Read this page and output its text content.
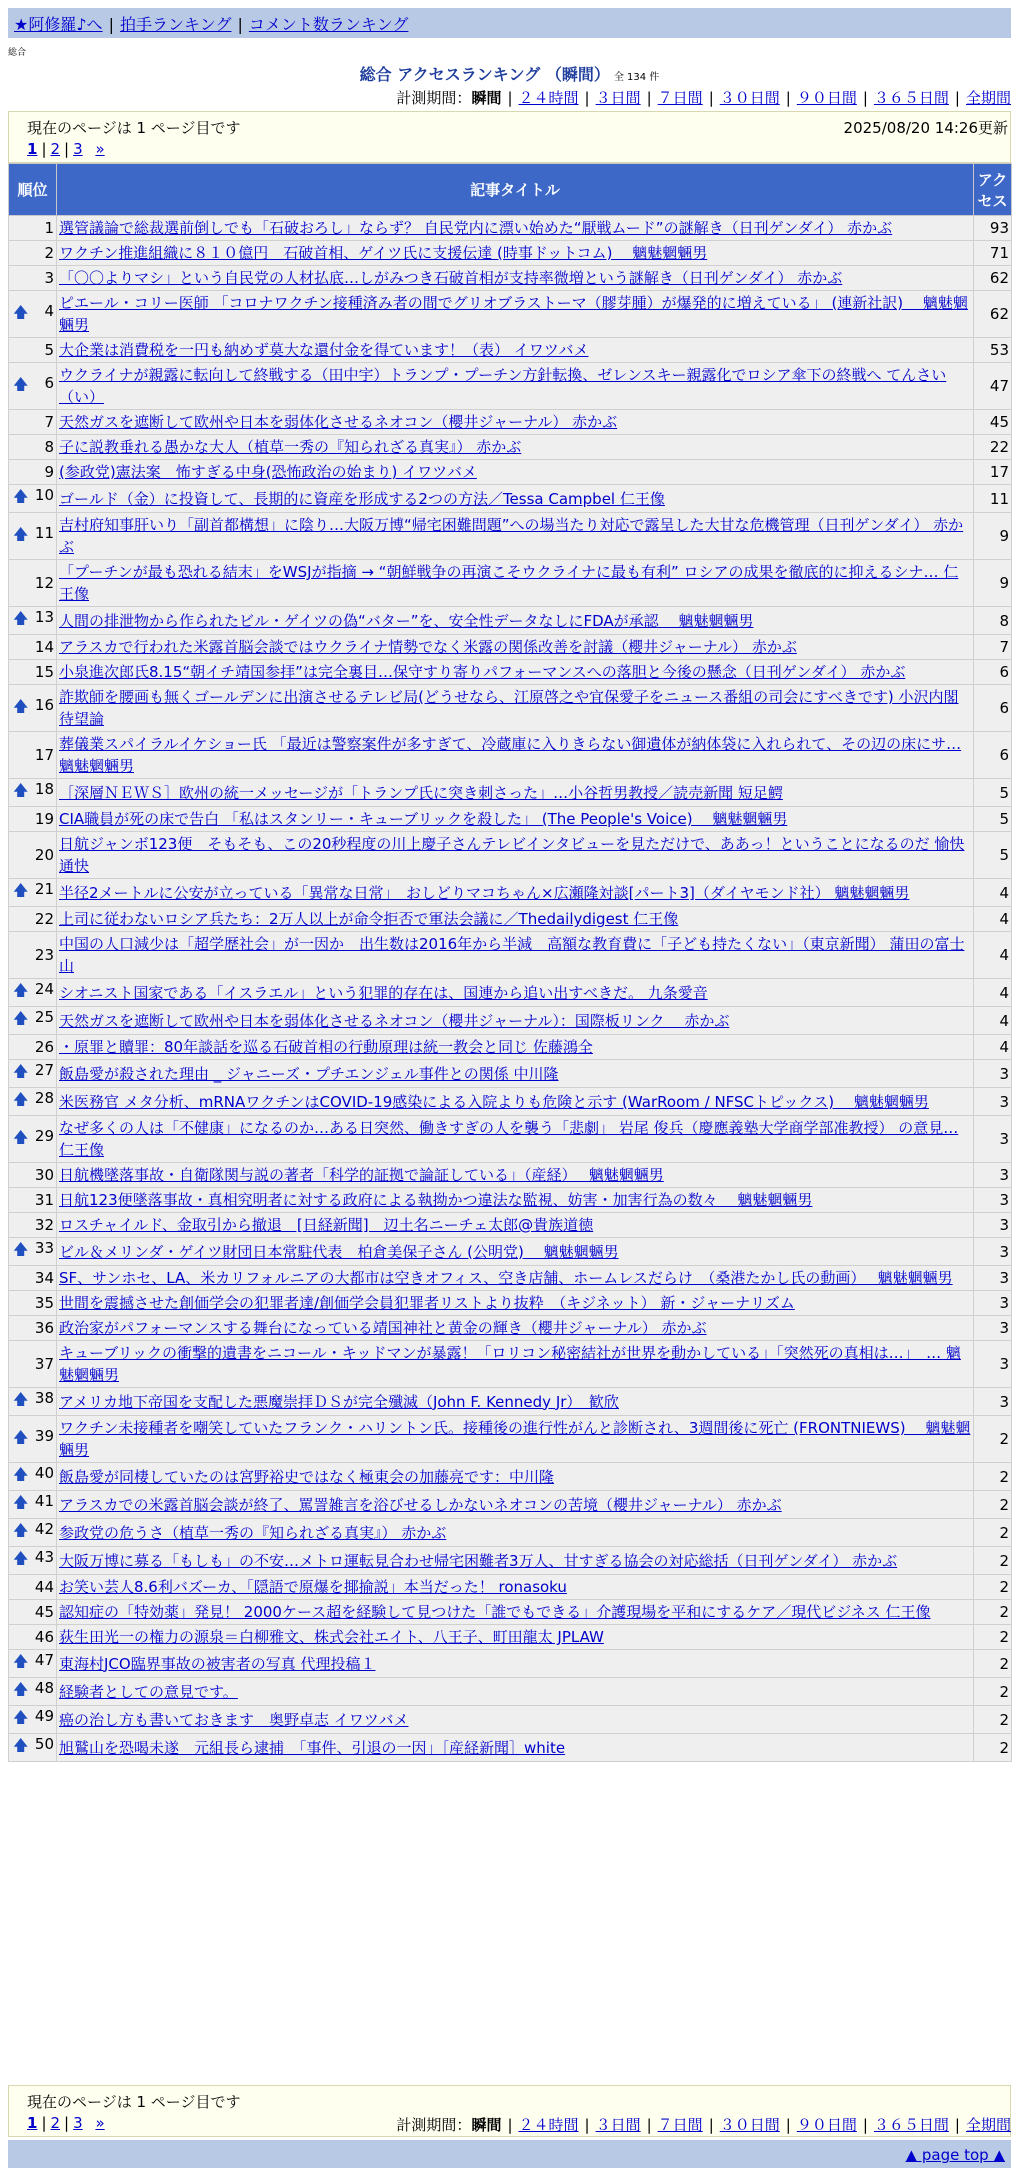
★阿修羅♪へ | 拍手ランキング | コメント数ランキング
総合
総合 アクセスランキング （瞬間） 全 134 件
計測期間：瞬間 | ２４時間 | ３日間 | ７日間 | ３０日間 | ９０日間 | ３６５日間 | 全期間
現在のページは 1 ページ目です	2025/08/20 14:26更新
1 | 2 | 3 »
順位	記事タイトル	アクセス
1	選管議論で総裁選前倒しでも「石破おろし」ならず？ 自民党内に漂い始めた“厭戦ムード”の謎解き（日刊ゲンダイ） 赤かぶ	93
2	ワクチン推進組織に８１０億円　石破首相、ゲイツ氏に支援伝達 (時事ドットコム)　 魑魅魍魎男	71
3	「〇〇よりマシ」という自民党の人材払底…しがみつき石破首相が支持率微増という謎解き（日刊ゲンダイ） 赤かぶ	62

🡅 4	ピエール・コリー医師 「コロナワクチン接種済み者の間でグリオブラストーマ（膠芽腫）が爆発的に増えている」 (連新社訳)　 魑魅魍魎男	62
5	大企業は消費税を一円も納めず莫大な還付金を得ています！（表） イワツバメ	53

🡅 6	ウクライナが親露に転向して終戦する（田中宇）トランプ・プーチン方針転換、ゼレンスキー親露化でロシア傘下の終戦へ てんさい（い）	47
7	天然ガスを遮断して欧州や日本を弱体化させるネオコン（櫻井ジャーナル） 赤かぶ	45
8	子に説教垂れる愚かな大人（植草一秀の『知られざる真実』） 赤かぶ	22
9	(参政党)憲法案　怖すぎる中身(恐怖政治の始まり) イワツバメ	17

🡅 10	ゴールド（金）に投資して、長期的に資産を形成する2つの方法／Tessa Campbel 仁王像	11

🡅 11	吉村府知事肝いり「副首都構想」に陰り…大阪万博“帰宅困難問題”への場当たり対応で露呈した大甘な危機管理（日刊ゲンダイ） 赤かぶ	9
12	「プーチンが最も恐れる結末」をWSJが指摘 → “朝鮮戦争の再演こそウクライナに最も有利” ロシアの成果を徹底的に抑えるシナ… 仁王像	9

🡅 13	人間の排泄物から作られたビル・ゲイツの偽“バター”を、安全性データなしにFDAが承認　 魑魅魍魎男	8
14	アラスカで行われた米露首脳会談ではウクライナ情勢でなく米露の関係改善を討議（櫻井ジャーナル） 赤かぶ	7
15	小泉進次郎氏8.15“朝イチ靖国参拝”は完全裏目…保守すり寄りパフォーマンスへの落胆と今後の懸念（日刊ゲンダイ） 赤かぶ	6

🡅 16	詐欺師を腰画も無くゴールデンに出演させるテレビ局(どうせなら、江原啓之や宜保愛子をニュース番組の司会にすべきです) 小沢内閣待望論	6
17	葬儀業スパイラルイケショー氏 「最近は警察案件が多すぎて、冷蔵庫に入りきらない御遺体が納体袋に入れられて、その辺の床にサ… 魑魅魍魎男	6

🡅 18	［深層ＮＥＷＳ］欧州の統一メッセージが「トランプ氏に突き刺さった」…小谷哲男教授／読売新聞 短足鰐	5
19	CIA職員が死の床で告白 「私はスタンリー・キューブリックを殺した」 (The People's Voice)　 魑魅魍魎男	5
20	日航ジャンボ123便　そもそも、この20秒程度の川上慶子さんテレビインタビューを見ただけで、ああっ！ということになるのだ 愉快通快	5

🡅 21	半径2メートルに公安が立っている「異常な日常」　おしどりマコちゃん×広瀬隆対談[パート3]（ダイヤモンド社） 魑魅魍魎男	4
22	上司に従わないロシア兵たち：2万人以上が命令拒否で軍法会議に／Thedailydigest 仁王像	4
23	中国の人口減少は「超学歴社会」が一因か　出生数は2016年から半減　高額な教育費に「子ども持たくない」（東京新聞） 蒲田の富士山	4

🡅 24	シオニスト国家である「イスラエル」という犯罪的存在は、国連から追い出すべきだ。 九条愛音	4

🡅 25	天然ガスを遮断して欧州や日本を弱体化させるネオコン（櫻井ジャーナル）：国際板リンク　 赤かぶ	4
26	・原罪と贖罪：80年談話を巡る石破首相の行動原理は統一教会と同じ 佐藤鴻全	4

🡅 27	飯島愛が殺された理由 _ ジャニーズ・プチエンジェル事件との関係 中川隆	3

🡅 28	米医務官 メタ分析、mRNAワクチンはCOVID-19感染による入院よりも危険と示す (WarRoom / NFSCトピックス)　 魑魅魍魎男	3

🡅 29	なぜ多くの人は「不健康」になるのか…ある日突然、働きすぎの人を襲う「悲劇」 岩尾 俊兵（慶應義塾大学商学部准教授） の意見… 仁王像	3
30	日航機墜落事故・自衛隊関与説の著者「科学的証拠で論証している」（産経）　 魑魅魍魎男	3
31	日航123便墜落事故・真相究明者に対する政府による執拗かつ違法な監視、妨害・加害行為の数々　 魑魅魍魎男	3
32	ロスチャイルド、金取引から撤退　[日経新聞]　辺土名ニーチェ太郎@貴族道徳	3

🡅 33	ビル＆メリンダ・ゲイツ財団日本常駐代表　柏倉美保子さん (公明党)　 魑魅魍魎男	3
34	SF、サンホセ、LA、米カリフォルニアの大都市は空きオフィス、空き店舗、ホームレスだらけ　（桑港たかし氏の動画）　 魑魅魍魎男	3
35	世間を震撼させた創価学会の犯罪者達/創価学会員犯罪者リストより抜粋　（キジネット） 新・ジャーナリズム	3
36	政治家がパフォーマンスする舞台になっている靖国神社と黄金の輝き（櫻井ジャーナル） 赤かぶ	3
37	キューブリックの衝撃的遺書をニコール・キッドマンが暴露！「ロリコン秘密結社が世界を動かしている」「突然死の真相は…」　… 魑魅魍魎男	3

🡅 38	アメリカ地下帝国を支配した悪魔崇拝ＤＳが完全殲滅（John F. Kennedy Jr）　歓欣	3

🡅 39	ワクチン未接種者を嘲笑していたフランク・ハリントン氏。接種後の進行性がんと診断され、3週間後に死亡 (FRONTNIEWS)　 魑魅魍魎男	2

🡅 40	飯島愛が同棲していたのは宮野裕史ではなく極東会の加藤亮です：中川隆	2

🡅 41	アラスカでの米露首脳会談が終了、罵詈雑言を浴びせるしかないネオコンの苦境（櫻井ジャーナル） 赤かぶ	2

🡅 42	参政党の危うさ（植草一秀の『知られざる真実』） 赤かぶ	2

🡅 43	大阪万博に募る「もしも」の不安…メトロ運転見合わせ帰宅困難者3万人、甘すぎる協会の対応総括（日刊ゲンダイ） 赤かぶ	2
44	お笑い芸人8.6利バズーカ、「隠語で原爆を揶揄説」本当だった！ ronasoku	2
45	認知症の「特効薬」発見！ 2000ケース超を経験して見つけた「誰でもできる」介護現場を平和にするケア／現代ビジネス 仁王像	2
46	荻生田光一の権力の源泉＝白柳雅文、株式会社エイト、八王子、町田龍太 JPLAW	2

🡅 47	東海村JCO臨界事故の被害者の写真 代理投稿１	2

🡅 48	経験者としての意見です。	2

🡅 49	癌の治し方も書いておきます　奥野卓志 イワツバメ	2

🡅 50	旭鷲山を恐喝未遂　元組長ら逮捕　「事件、引退の一因」［産経新聞］white	2
現在のページは 1 ページ目です
1 | 2 | 3 »	計測期間：瞬間 | ２４時間 | ３日間 | ７日間 | ３０日間 | ９０日間 | ３６５日間 | 全期間
▲ page top ▲
